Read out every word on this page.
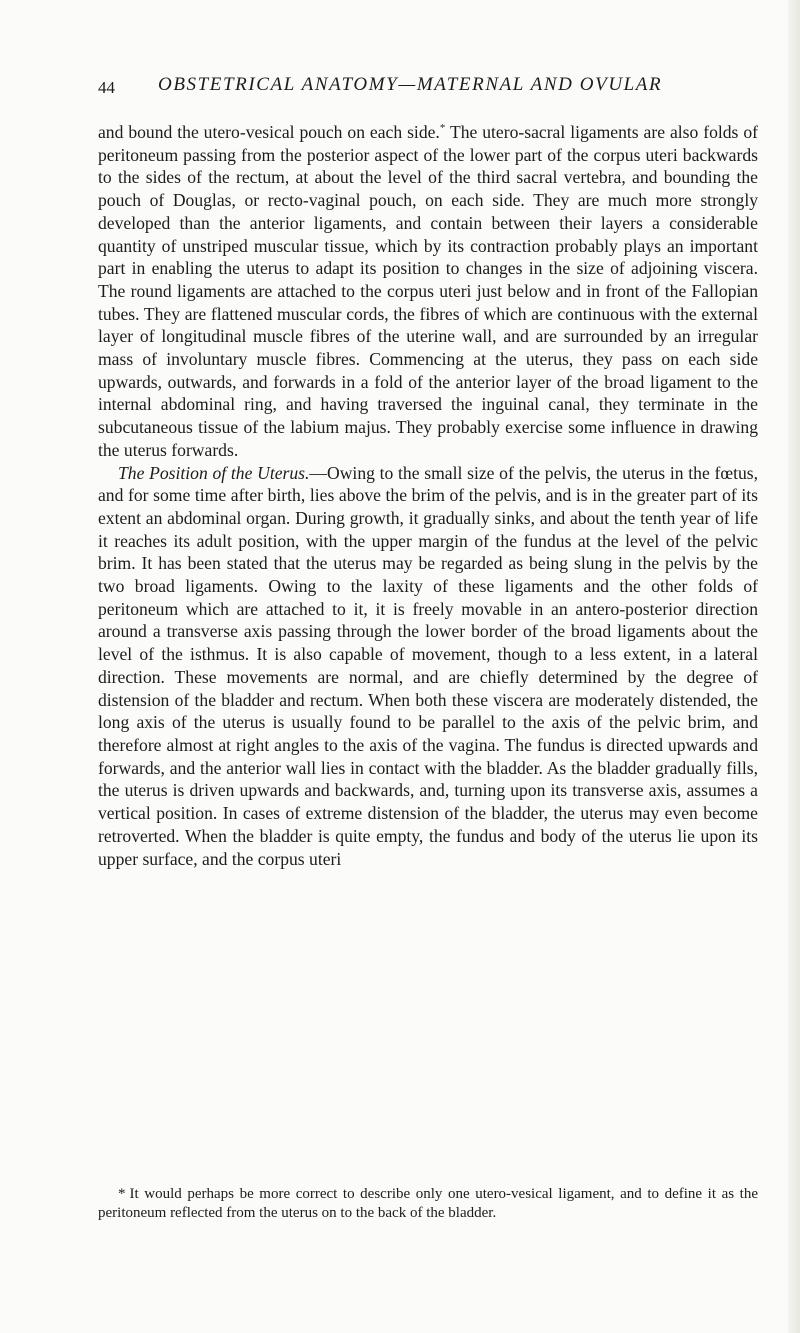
44 OBSTETRICAL ANATOMY—MATERNAL AND OVULAR

and bound the utero-vesical pouch on each side.* The utero-sacral ligaments are also folds of peritoneum passing from the posterior aspect of the lower part of the corpus uteri backwards to the sides of the rectum, at about the level of the third sacral vertebra, and bounding the pouch of Douglas, or recto-vaginal pouch, on each side. They are much more strongly developed than the anterior ligaments, and contain between their layers a considerable quantity of unstriped muscular tissue, which by its contraction probably plays an important part in enabling the uterus to adapt its position to changes in the size of adjoining viscera. The round ligaments are attached to the corpus uteri just below and in front of the Fallopian tubes. They are flattened muscular cords, the fibres of which are continuous with the external layer of longitudinal muscle fibres of the uterine wall, and are surrounded by an irregular mass of involuntary muscle fibres. Commencing at the uterus, they pass on each side upwards, outwards, and forwards in a fold of the anterior layer of the broad ligament to the internal abdominal ring, and having traversed the inguinal canal, they terminate in the subcutaneous tissue of the labium majus. They probably exercise some influence in drawing the uterus forwards.

The Position of the Uterus.—Owing to the small size of the pelvis, the uterus in the fœtus, and for some time after birth, lies above the brim of the pelvis, and is in the greater part of its extent an abdominal organ. During growth, it gradually sinks, and about the tenth year of life it reaches its adult position, with the upper margin of the fundus at the level of the pelvic brim. It has been stated that the uterus may be regarded as being slung in the pelvis by the two broad ligaments. Owing to the laxity of these ligaments and the other folds of peritoneum which are attached to it, it is freely movable in an antero-posterior direction around a transverse axis passing through the lower border of the broad ligaments about the level of the isthmus. It is also capable of movement, though to a less extent, in a lateral direction. These movements are normal, and are chiefly determined by the degree of distension of the bladder and rectum. When both these viscera are moderately distended, the long axis of the uterus is usually found to be parallel to the axis of the pelvic brim, and therefore almost at right angles to the axis of the vagina. The fundus is directed upwards and forwards, and the anterior wall lies in contact with the bladder. As the bladder gradually fills, the uterus is driven upwards and backwards, and, turning upon its transverse axis, assumes a vertical position. In cases of extreme distension of the bladder, the uterus may even become retroverted. When the bladder is quite empty, the fundus and body of the uterus lie upon its upper surface, and the corpus uteri

* It would perhaps be more correct to describe only one utero-vesical ligament, and to define it as the peritoneum reflected from the uterus on to the back of the bladder.
